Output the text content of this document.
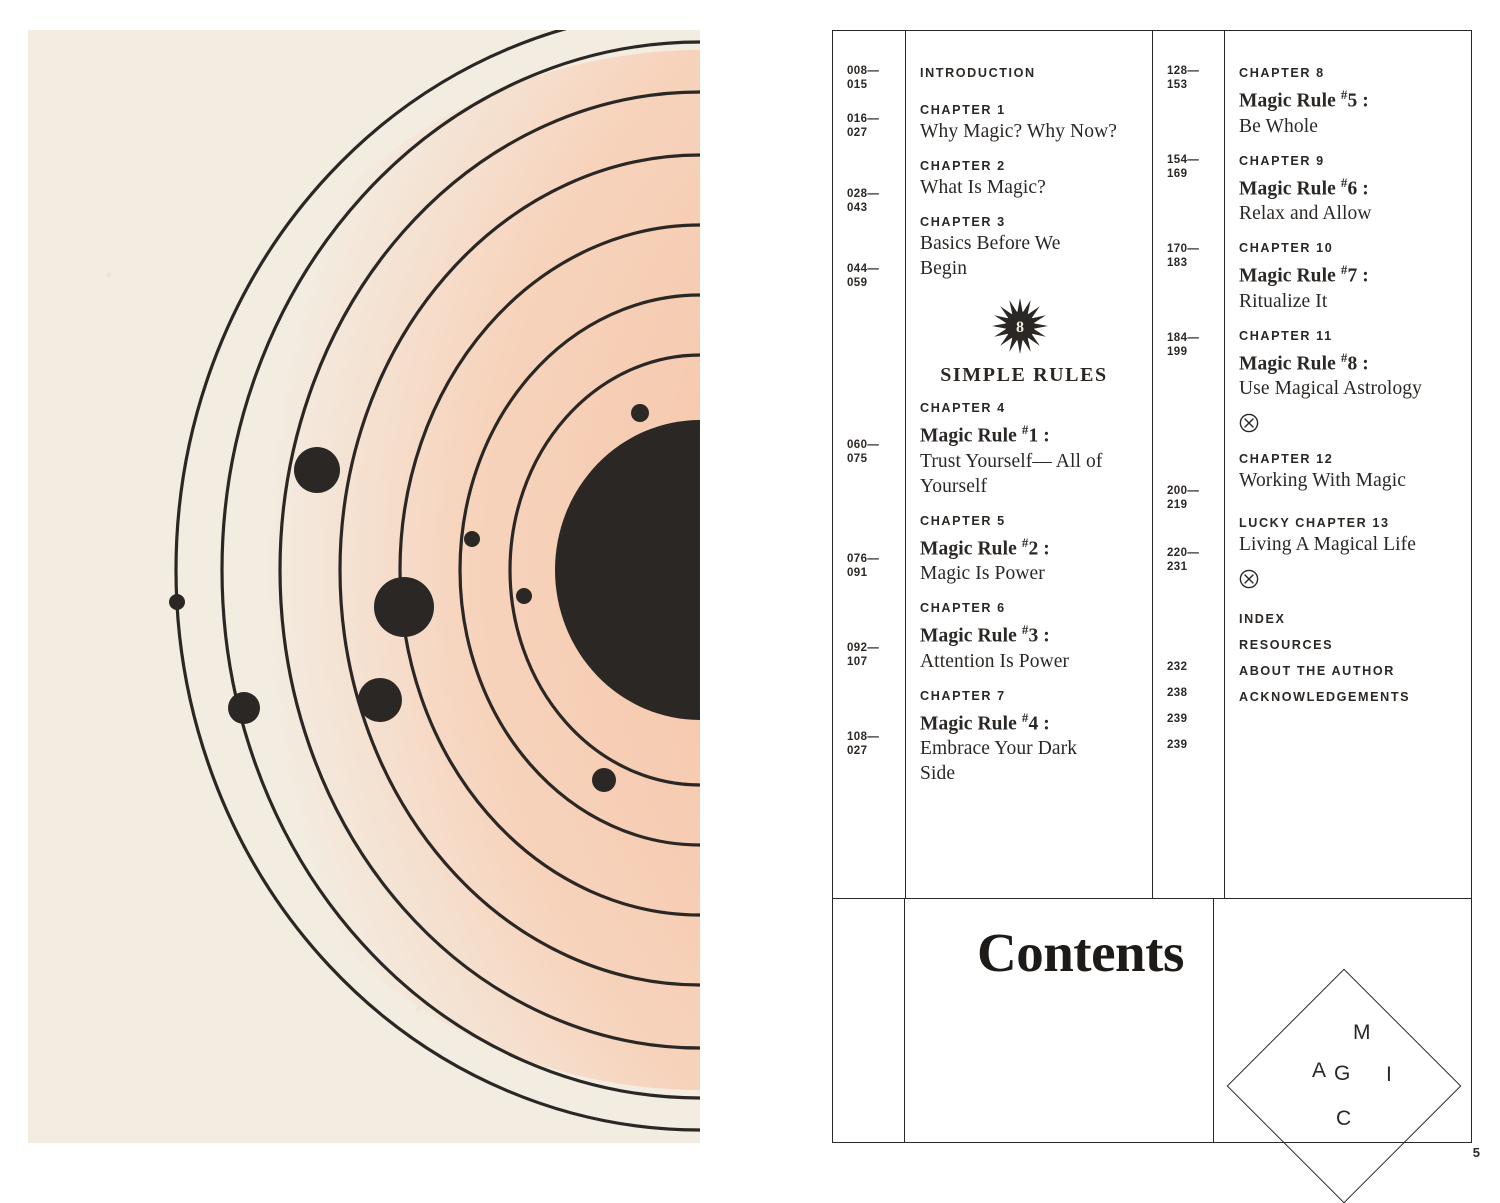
008—
015
016—
027
028—
043
044—
059
060—
075
076—
091
092—
107
108—
027
INTRODUCTION
CHAPTER 1
Why Magic? Why Now?
CHAPTER 2
What Is Magic?
CHAPTER 3
Basics Before We Begin
8
SIMPLE RULES
CHAPTER 4
Magic Rule #1 :
Trust Yourself— All of Yourself
CHAPTER 5
Magic Rule #2 :
Magic Is Power
CHAPTER 6
Magic Rule #3 :
Attention Is Power
CHAPTER 7
Magic Rule #4 :
Embrace Your Dark Side
128—
153
154—
169
170—
183
184—
199
200—
219
220—
231
232
238
239
239
CHAPTER 8
Magic Rule #5 :
Be Whole
CHAPTER 9
Magic Rule #6 :
Relax and Allow
CHAPTER 10
Magic Rule #7 :
Ritualize It
CHAPTER 11
Magic Rule #8 :
Use Magical Astrology
CHAPTER 12
Working With Magic
LUCKY CHAPTER 13
Living A Magical Life
INDEX
RESOURCES
ABOUT THE AUTHOR
ACKNOWLEDGEMENTS
Contents
M
A G I
C
5
